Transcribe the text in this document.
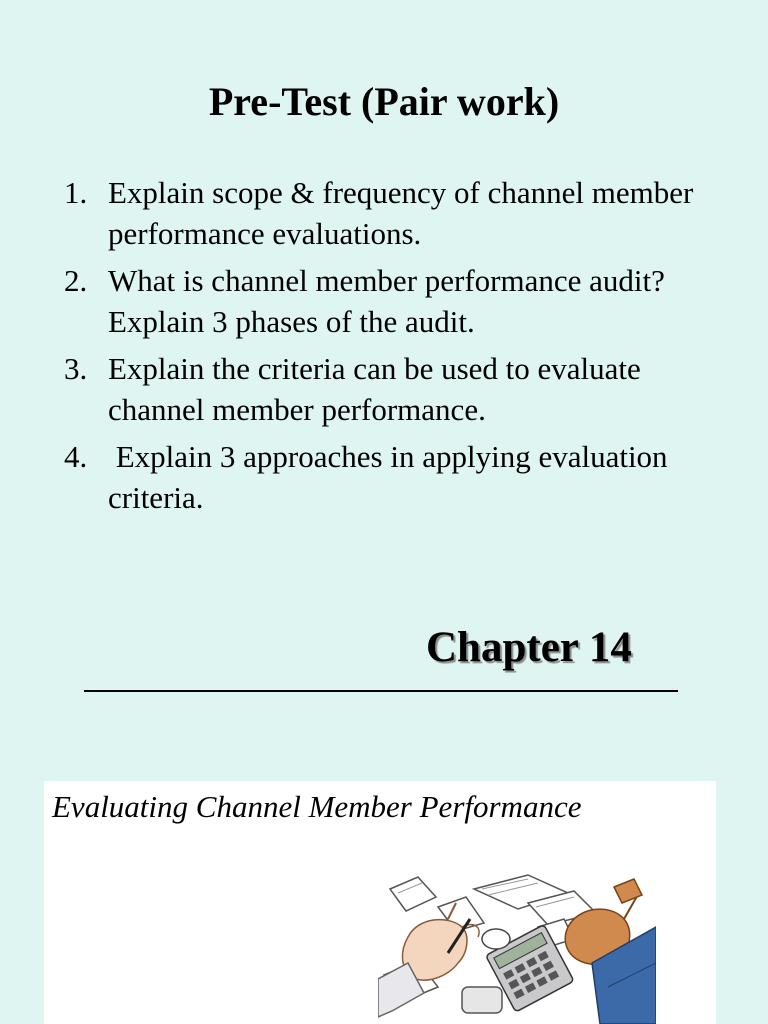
Pre-Test (Pair work)
1. Explain scope & frequency of channel member performance evaluations.
2. What is channel member performance audit? Explain 3 phases of the audit.
3. Explain the criteria can be used to evaluate channel member performance.
4. Explain 3 approaches in applying evaluation criteria.
Chapter 14
Evaluating Channel Member Performance
